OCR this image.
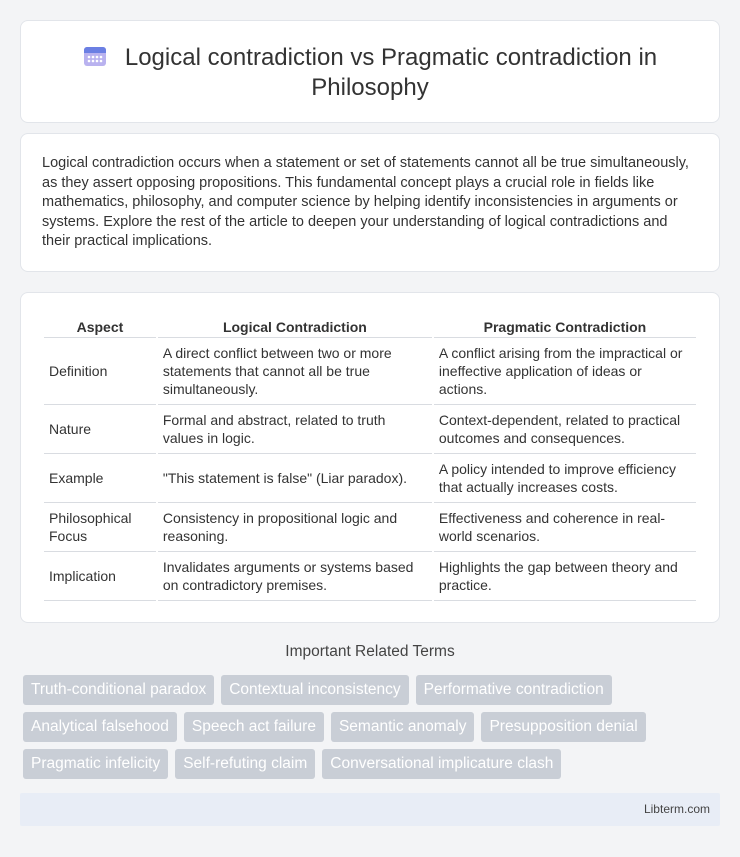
Logical contradiction vs Pragmatic contradiction in Philosophy

Logical contradiction occurs when a statement or set of statements cannot all be true simultaneously, as they assert opposing propositions. This fundamental concept plays a crucial role in fields like mathematics, philosophy, and computer science by helping identify inconsistencies in arguments or systems. Explore the rest of the article to deepen your understanding of logical contradictions and their practical implications.

Aspect	Logical Contradiction	Pragmatic Contradiction
Definition	A direct conflict between two or more statements that cannot all be true simultaneously.	A conflict arising from the impractical or ineffective application of ideas or actions.
Nature	Formal and abstract, related to truth values in logic.	Context-dependent, related to practical outcomes and consequences.
Example	"This statement is false" (Liar paradox).	A policy intended to improve efficiency that actually increases costs.
Philosophical Focus	Consistency in propositional logic and reasoning.	Effectiveness and coherence in real-world scenarios.
Implication	Invalidates arguments or systems based on contradictory premises.	Highlights the gap between theory and practice.
Important Related Terms
Truth-conditional paradox	Contextual inconsistency	Performative contradiction
Analytical falsehood	Speech act failure	Semantic anomaly	Presupposition denial
Pragmatic infelicity	Self-refuting claim	Conversational implicature clash
Libterm.com
